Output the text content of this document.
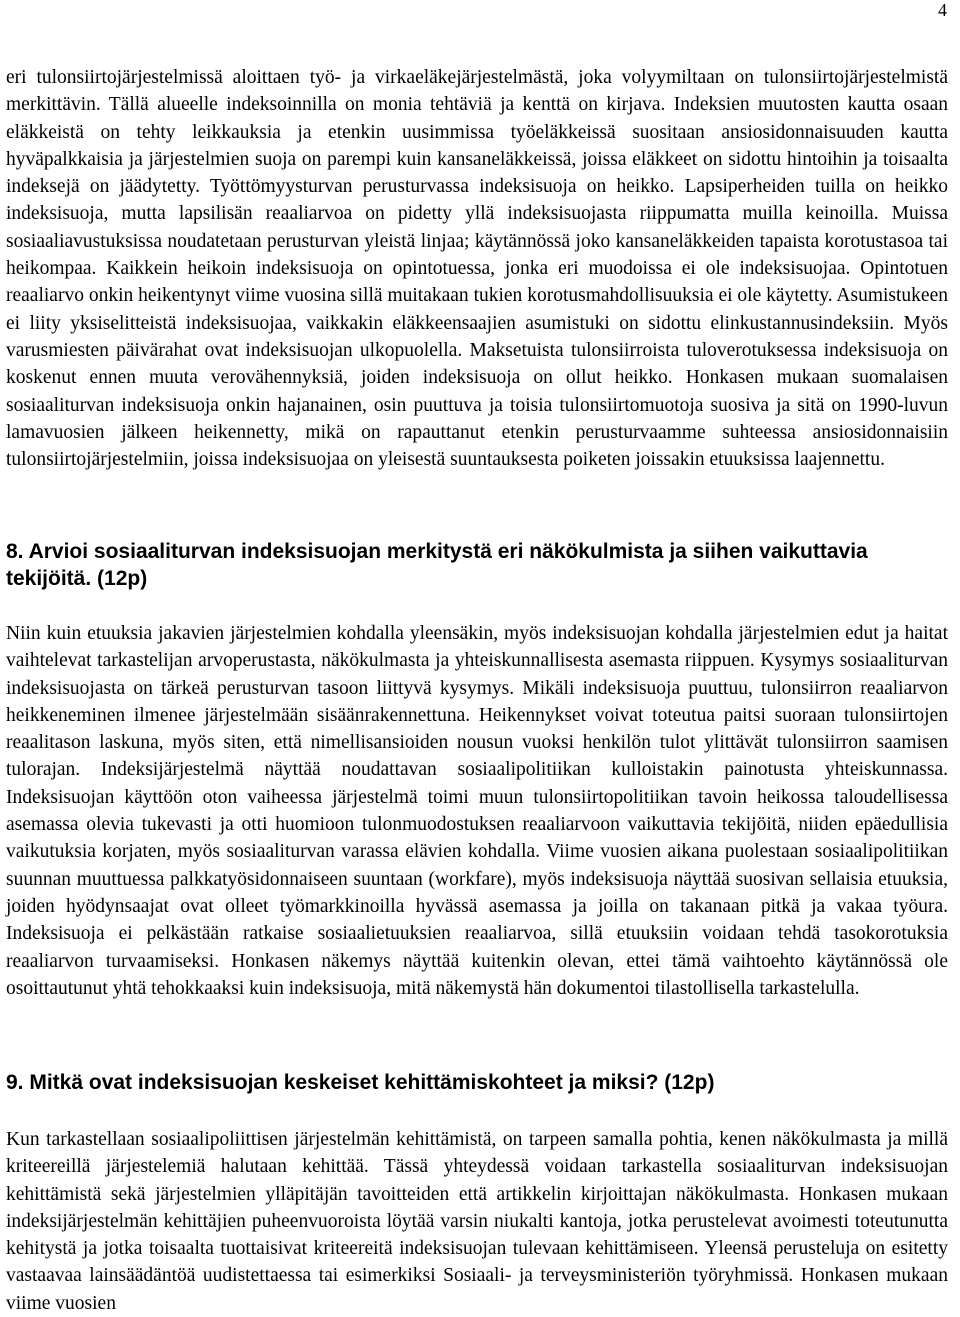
4

eri tulonsiirtojärjestelmissä aloittaen työ- ja virkaeläkejärjestelmästä, joka volyymiltaan on tulonsiirtojärjestelmistä merkittävin. Tällä alueelle indeksoinnilla on monia tehtäviä ja kenttä on kirjava. Indeksien muutosten kautta osaan eläkkeistä on tehty leikkauksia ja etenkin uusimmissa työeläkkeissä suositaan ansiosidonnaisuuden kautta hyväpalkkaisia ja järjestelmien suoja on parempi kuin kansaneläkkeissä, joissa eläkkeet on sidottu hintoihin ja toisaalta indeksejä on jäädytetty. Työttömyysturvan perusturvassa indeksisuoja on heikko. Lapsiperheiden tuilla on heikko indeksisuoja, mutta lapsilisän reaaliarvoa on pidetty yllä indeksisuojasta riippumatta muilla keinoilla. Muissa sosiaaliavustuksissa noudatetaan perusturvan yleistä linjaa; käytännössä joko kansaneläkkeiden tapaista korotustasoa tai heikompaa. Kaikkein heikoin indeksisuoja on opintotuessa, jonka eri muodoissa ei ole indeksisuojaa. Opintotuen reaaliarvo onkin heikentynyt viime vuosina sillä muitakaan tukien korotusmahdollisuuksia ei ole käytetty. Asumistukeen ei liity yksiselitteistä indeksisuojaa, vaikkakin eläkkeensaajien asumistuki on sidottu elinkustannusindeksiin. Myös varusmiesten päivärahat ovat indeksisuojan ulkopuolella. Maksetuista tulonsiirroista tuloverotuksessa indeksisuoja on koskenut ennen muuta verovähennyksiä, joiden indeksisuoja on ollut heikko. Honkasen mukaan suomalaisen sosiaaliturvan indeksisuoja onkin hajanainen, osin puuttuva ja toisia tulonsiirtomuotoja suosiva ja sitä on 1990-luvun lamavuosien jälkeen heikennetty, mikä on rapauttanut etenkin perusturvaamme suhteessa ansiosidonnaisiin tulonsiirtojärjestelmiin, joissa indeksisuojaa on yleisestä suuntauksesta poiketen joissakin etuuksissa laajennettu.

8. Arvioi sosiaaliturvan indeksisuojan merkitystä eri näkökulmista ja siihen vaikuttavia tekijöitä. (12p)

Niin kuin etuuksia jakavien järjestelmien kohdalla yleensäkin, myös indeksisuojan kohdalla järjestelmien edut ja haitat vaihtelevat tarkastelijan arvoperustasta, näkökulmasta ja yhteiskunnallisesta asemasta riippuen. Kysymys sosiaaliturvan indeksisuojasta on tärkeä perusturvan tasoon liittyvä kysymys. Mikäli indeksisuoja puuttuu, tulonsiirron reaaliarvon heikkeneminen ilmenee järjestelmään sisäänrakennettuna. Heikennykset voivat toteutua paitsi suoraan tulonsiirtojen reaalitason laskuna, myös siten, että nimellisansioiden nousun vuoksi henkilön tulot ylittävät tulonsiirron saamisen tulorajan. Indeksijärjestelmä näyttää noudattavan sosiaalipolitiikan kulloistakin painotusta yhteiskunnassa. Indeksisuojan käyttöön oton vaiheessa järjestelmä toimi muun tulonsiirtopolitiikan tavoin heikossa taloudellisessa asemassa olevia tukevasti ja otti huomioon tulonmuodostuksen reaaliarvoon vaikuttavia tekijöitä, niiden epäedullisia vaikutuksia korjaten, myös sosiaaliturvan varassa elävien kohdalla. Viime vuosien aikana puolestaan sosiaalipolitiikan suunnan muuttuessa palkkatyösidonnaiseen suuntaan (workfare), myös indeksisuoja näyttää suosivan sellaisia etuuksia, joiden hyödynsaajat ovat olleet työmarkkinoilla hyvässä asemassa ja joilla on takanaan pitkä ja vakaa työura. Indeksisuoja ei pelkästään ratkaise sosiaalietuuksien reaaliarvoa, sillä etuuksiin voidaan tehdä tasokorotuksia reaaliarvon turvaamiseksi. Honkasen näkemys näyttää kuitenkin olevan, ettei tämä vaihtoehto käytännössä ole osoittautunut yhtä tehokkaaksi kuin indeksisuoja, mitä näkemystä hän dokumentoi tilastollisella tarkastelulla.

9. Mitkä ovat indeksisuojan keskeiset kehittämiskohteet ja miksi? (12p)

Kun tarkastellaan sosiaalipoliittisen järjestelmän kehittämistä, on tarpeen samalla pohtia, kenen näkökulmasta ja millä kriteereillä järjestelemiä halutaan kehittää. Tässä yhteydessä voidaan tarkastella sosiaaliturvan indeksisuojan kehittämistä sekä järjestelmien ylläpitäjän tavoitteiden että artikkelin kirjoittajan näkökulmasta. Honkasen mukaan indeksijärjestelmän kehittäjien puheenvuoroista löytää varsin niukalti kantoja, jotka perustelevat avoimesti toteutunutta kehitystä ja jotka toisaalta tuottaisivat kriteereitä indeksisuojan tulevaan kehittämiseen. Yleensä perusteluja on esitetty vastaavaa lainsäädäntöä uudistettaessa tai esimerkiksi Sosiaali- ja terveysministeriön työryhmissä. Honkasen mukaan viime vuosien
